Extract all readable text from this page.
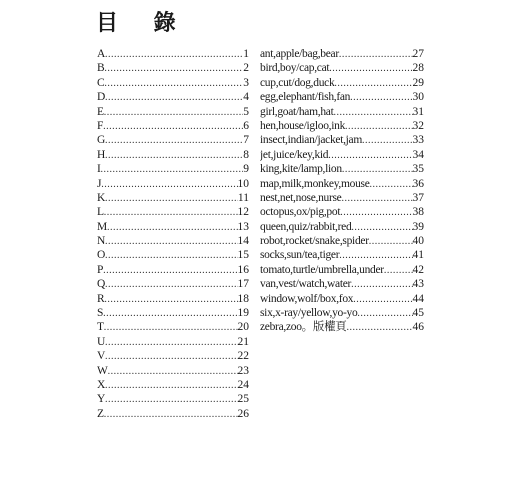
目 錄
A .....	1
B .....	2
C .....	3
D .....	4
E .....	5
F .....	6
G .....	7
H .....	8
I .....	9
J .....	10
K .....	11
L .....	12
M .....	13
N .....	14
O .....	15
P .....	16
Q .....	17
R .....	18
S .....	19
T .....	20
U .....	21
V .....	22
W .....	23
X .....	24
Y .....	25
Z .....	26
ant,apple/bag,bear .....	27
bird,boy/cap,cat .....	28
cup,cut/dog,duck .....	29
egg,elephant/fish,fan .....	30
girl,goat/ham,hat .....	31
hen,house/igloo,ink .....	32
insect,indian/jacket,jam .....	33
jet,juice/key,kid .....	34
king,kite/lamp,lion .....	35
map,milk,monkey,mouse .....	36
nest,net,nose,nurse .....	37
octopus,ox/pig,pot .....	38
queen,quiz/rabbit,red .....	39
robot,rocket/snake,spider .....	40
socks,sun/tea,tiger .....	41
tomato,turtle/umbrella,under ..... 42
van,vest/watch,water .....	43
window,wolf/box,fox .....	44
six,x-ray/yellow,yo-yo .....	45
zebra,zoo。版權頁 .....	46
